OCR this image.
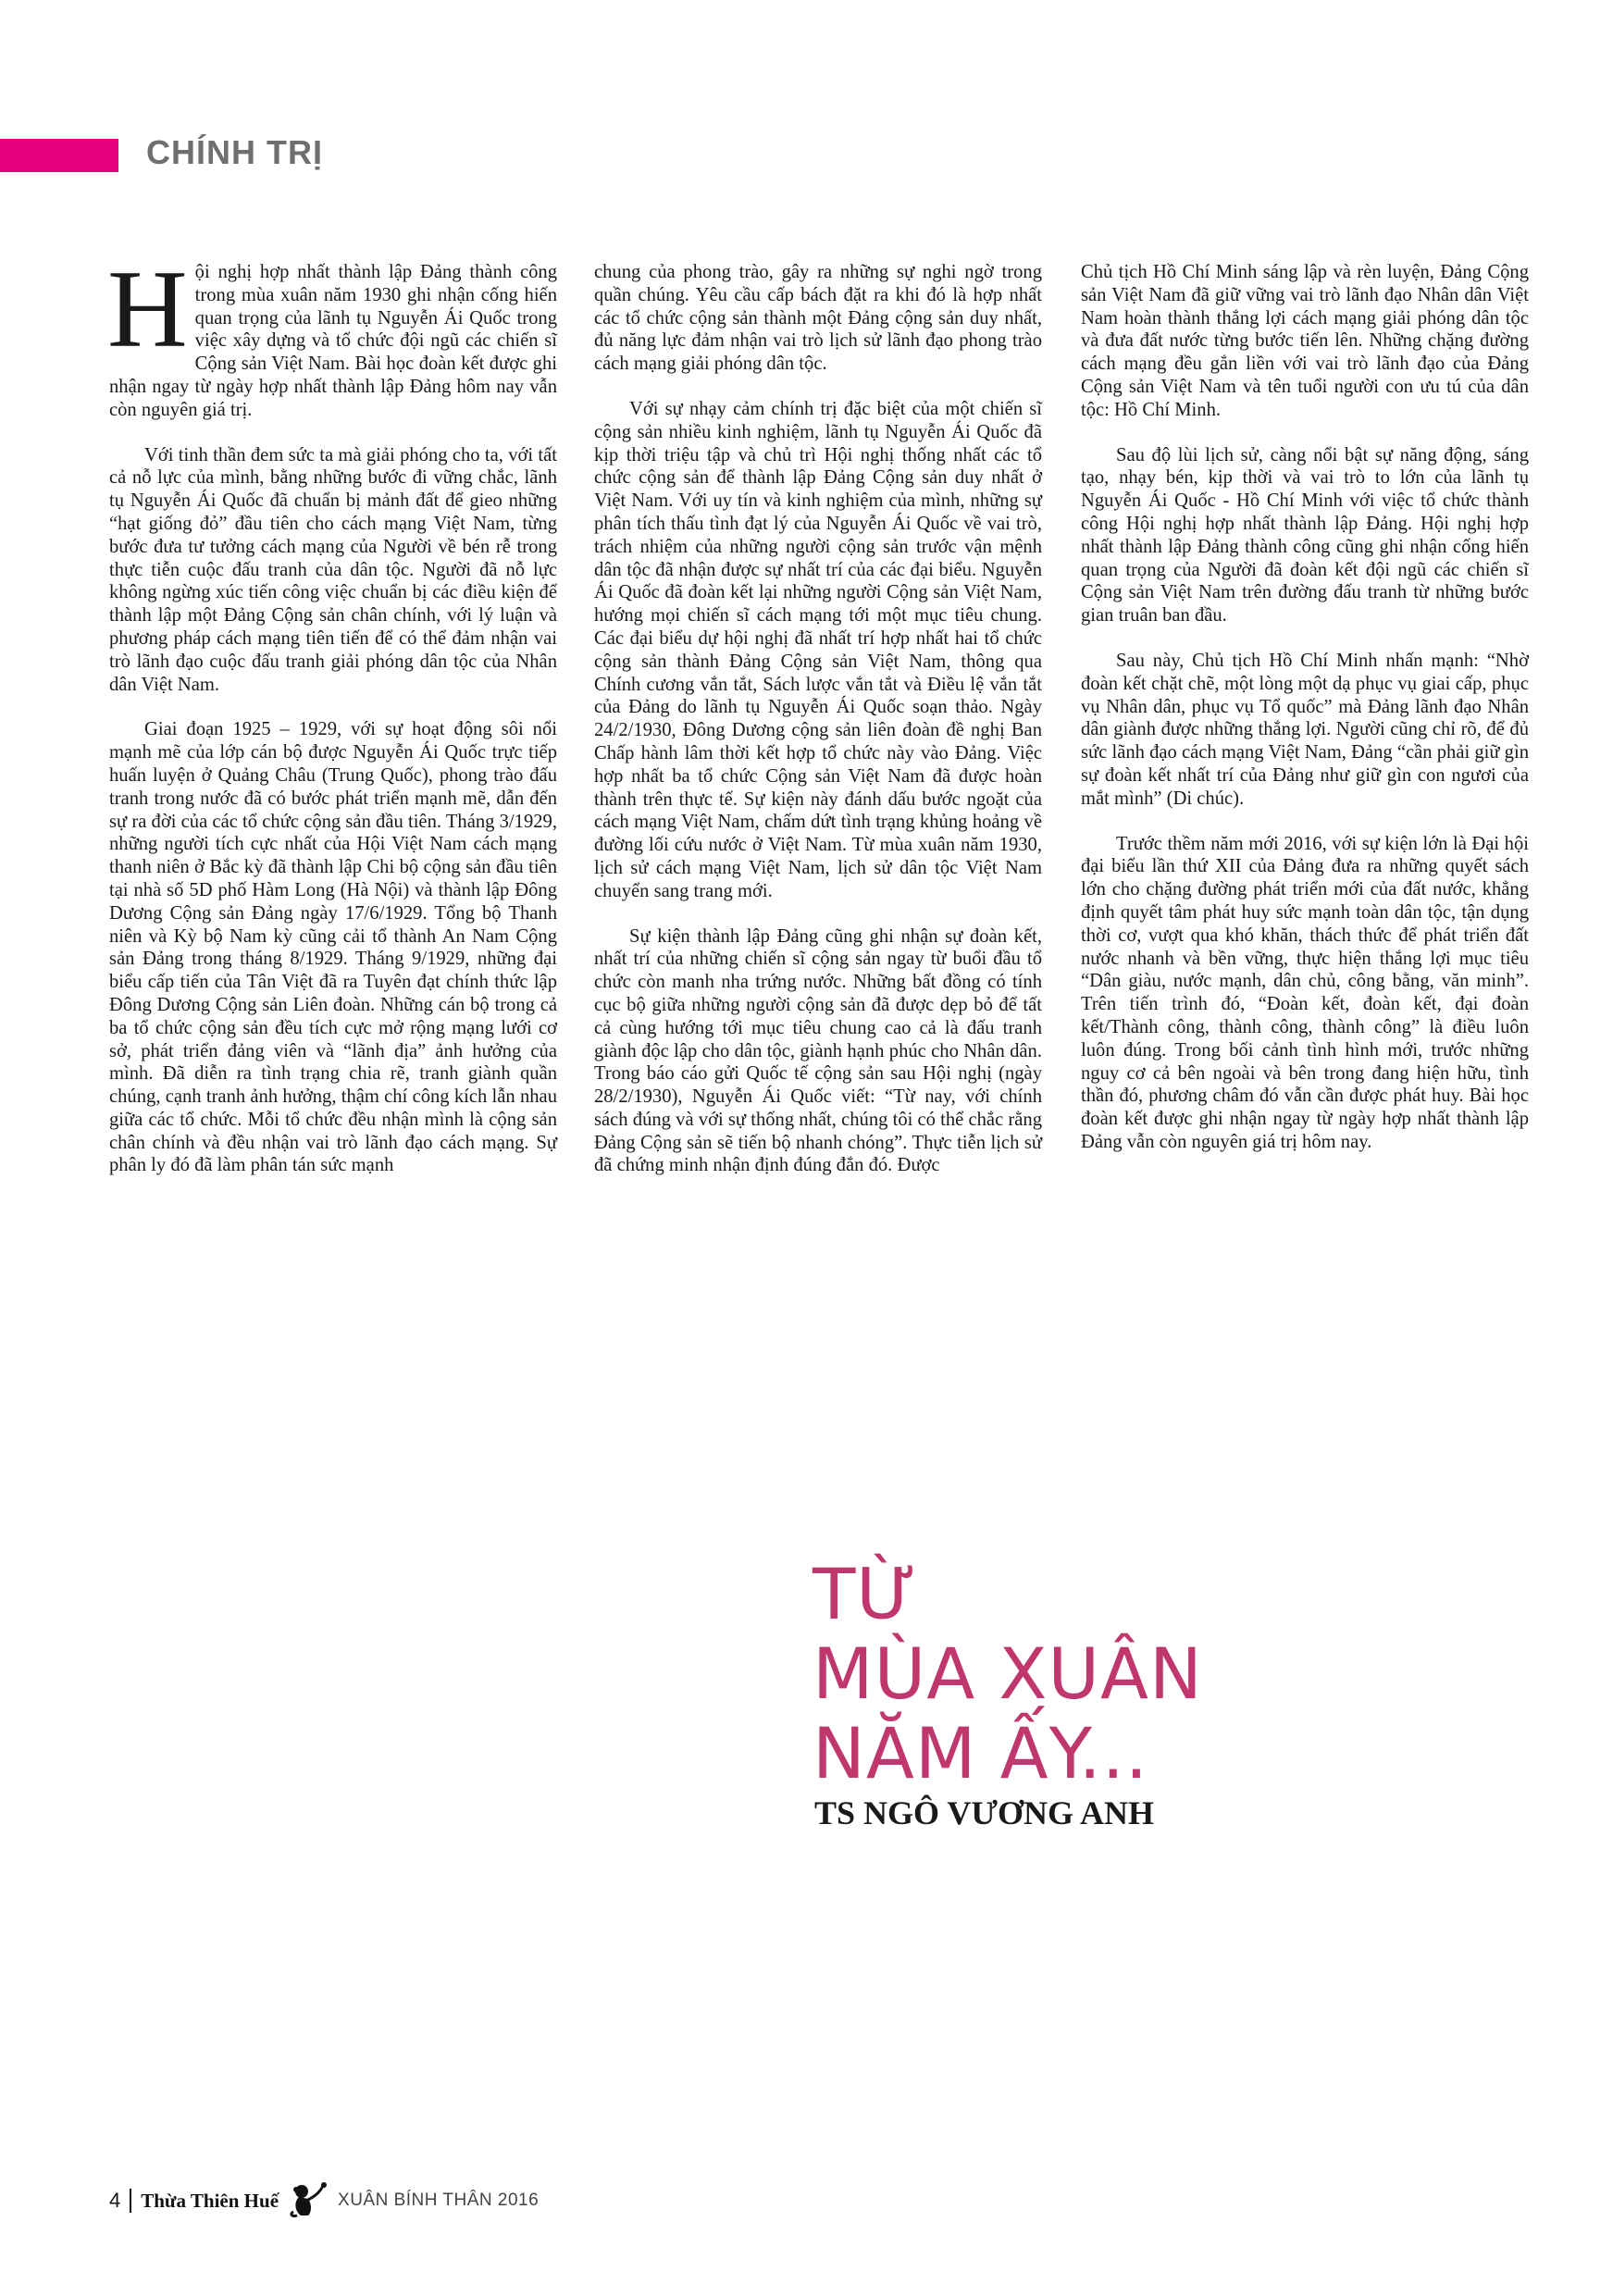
CHÍNH TRỊ

Hội nghị hợp nhất thành lập Đảng thành công trong mùa xuân năm 1930 ghi nhận cống hiến quan trọng của lãnh tụ Nguyễn Ái Quốc trong việc xây dựng và tổ chức đội ngũ các chiến sĩ Cộng sản Việt Nam. Bài học đoàn kết được ghi nhận ngay từ ngày hợp nhất thành lập Đảng hôm nay vẫn còn nguyên giá trị.

Với tinh thần đem sức ta mà giải phóng cho ta, với tất cả nỗ lực của mình, bằng những bước đi vững chắc, lãnh tụ Nguyễn Ái Quốc đã chuẩn bị mảnh đất để gieo những “hạt giống đỏ” đầu tiên cho cách mạng Việt Nam, từng bước đưa tư tưởng cách mạng của Người về bén rễ trong thực tiễn cuộc đấu tranh của dân tộc. Người đã nỗ lực không ngừng xúc tiến công việc chuẩn bị các điều kiện để thành lập một Đảng Cộng sản chân chính, với lý luận và phương pháp cách mạng tiên tiến để có thể đảm nhận vai trò lãnh đạo cuộc đấu tranh giải phóng dân tộc của Nhân dân Việt Nam.

Giai đoạn 1925 – 1929, với sự hoạt động sôi nổi mạnh mẽ của lớp cán bộ được Nguyễn Ái Quốc trực tiếp huấn luyện ở Quảng Châu (Trung Quốc), phong trào đấu tranh trong nước đã có bước phát triển mạnh mẽ, dẫn đến sự ra đời của các tổ chức cộng sản đầu tiên. Tháng 3/1929, những người tích cực nhất của Hội Việt Nam cách mạng thanh niên ở Bắc kỳ đã thành lập Chi bộ cộng sản đầu tiên tại nhà số 5D phố Hàm Long (Hà Nội) và thành lập Đông Dương Cộng sản Đảng ngày 17/6/1929. Tổng bộ Thanh niên và Kỳ bộ Nam kỳ cũng cải tổ thành An Nam Cộng sản Đảng trong tháng 8/1929. Tháng 9/1929, những đại biểu cấp tiến của Tân Việt đã ra Tuyên đạt chính thức lập Đông Dương Cộng sản Liên đoàn. Những cán bộ trong cả ba tổ chức cộng sản đều tích cực mở rộng mạng lưới cơ sở, phát triển đảng viên và “lãnh địa” ảnh hưởng của mình. Đã diễn ra tình trạng chia rẽ, tranh giành quần chúng, cạnh tranh ảnh hưởng, thậm chí công kích lẫn nhau giữa các tổ chức. Mỗi tổ chức đều nhận mình là cộng sản chân chính và đều nhận vai trò lãnh đạo cách mạng. Sự phân ly đó đã làm phân tán sức mạnh

chung của phong trào, gây ra những sự nghi ngờ trong quần chúng. Yêu cầu cấp bách đặt ra khi đó là hợp nhất các tổ chức cộng sản thành một Đảng cộng sản duy nhất, đủ năng lực đảm nhận vai trò lịch sử lãnh đạo phong trào cách mạng giải phóng dân tộc.

Với sự nhạy cảm chính trị đặc biệt của một chiến sĩ cộng sản nhiều kinh nghiệm, lãnh tụ Nguyễn Ái Quốc đã kịp thời triệu tập và chủ trì Hội nghị thống nhất các tổ chức cộng sản để thành lập Đảng Cộng sản duy nhất ở Việt Nam. Với uy tín và kinh nghiệm của mình, những sự phân tích thấu tình đạt lý của Nguyễn Ái Quốc về vai trò, trách nhiệm của những người cộng sản trước vận mệnh dân tộc đã nhận được sự nhất trí của các đại biểu. Nguyễn Ái Quốc đã đoàn kết lại những người Cộng sản Việt Nam, hướng mọi chiến sĩ cách mạng tới một mục tiêu chung. Các đại biểu dự hội nghị đã nhất trí hợp nhất hai tổ chức cộng sản thành Đảng Cộng sản Việt Nam, thông qua Chính cương vắn tắt, Sách lược vắn tắt và Điều lệ vắn tắt của Đảng do lãnh tụ Nguyễn Ái Quốc soạn thảo. Ngày 24/2/1930, Đông Dương cộng sản liên đoàn đề nghị Ban Chấp hành lâm thời kết hợp tổ chức này vào Đảng. Việc hợp nhất ba tổ chức Cộng sản Việt Nam đã được hoàn thành trên thực tế. Sự kiện này đánh dấu bước ngoặt của cách mạng Việt Nam, chấm dứt tình trạng khủng hoảng về đường lối cứu nước ở Việt Nam. Từ mùa xuân năm 1930, lịch sử cách mạng Việt Nam, lịch sử dân tộc Việt Nam chuyển sang trang mới.

Sự kiện thành lập Đảng cũng ghi nhận sự đoàn kết, nhất trí của những chiến sĩ cộng sản ngay từ buổi đầu tổ chức còn manh nha trứng nước. Những bất đồng có tính cục bộ giữa những người cộng sản đã được dẹp bỏ để tất cả cùng hướng tới mục tiêu chung cao cả là đấu tranh giành độc lập cho dân tộc, giành hạnh phúc cho Nhân dân. Trong báo cáo gửi Quốc tế cộng sản sau Hội nghị (ngày 28/2/1930), Nguyễn Ái Quốc viết: “Từ nay, với chính sách đúng và với sự thống nhất, chúng tôi có thể chắc rằng Đảng Cộng sản sẽ tiến bộ nhanh chóng”. Thực tiễn lịch sử đã chứng minh nhận định đúng đắn đó. Được

Chủ tịch Hồ Chí Minh sáng lập và rèn luyện, Đảng Cộng sản Việt Nam đã giữ vững vai trò lãnh đạo Nhân dân Việt Nam hoàn thành thắng lợi cách mạng giải phóng dân tộc và đưa đất nước từng bước tiến lên. Những chặng đường cách mạng đều gắn liền với vai trò lãnh đạo của Đảng Cộng sản Việt Nam và tên tuổi người con ưu tú của dân tộc: Hồ Chí Minh.

Sau độ lùi lịch sử, càng nổi bật sự năng động, sáng tạo, nhạy bén, kịp thời và vai trò to lớn của lãnh tụ Nguyễn Ái Quốc - Hồ Chí Minh với việc tổ chức thành công Hội nghị hợp nhất thành lập Đảng. Hội nghị hợp nhất thành lập Đảng thành công cũng ghi nhận cống hiến quan trọng của Người đã đoàn kết đội ngũ các chiến sĩ Cộng sản Việt Nam trên đường đấu tranh từ những bước gian truân ban đầu.

Sau này, Chủ tịch Hồ Chí Minh nhấn mạnh: “Nhờ đoàn kết chặt chẽ, một lòng một dạ phục vụ giai cấp, phục vụ Nhân dân, phục vụ Tổ quốc” mà Đảng lãnh đạo Nhân dân giành được những thắng lợi. Người cũng chỉ rõ, để đủ sức lãnh đạo cách mạng Việt Nam, Đảng “cần phải giữ gìn sự đoàn kết nhất trí của Đảng như giữ gìn con ngươi của mắt mình” (Di chúc).

Trước thềm năm mới 2016, với sự kiện lớn là Đại hội đại biểu lần thứ XII của Đảng đưa ra những quyết sách lớn cho chặng đường phát triển mới của đất nước, khẳng định quyết tâm phát huy sức mạnh toàn dân tộc, tận dụng thời cơ, vượt qua khó khăn, thách thức để phát triển đất nước nhanh và bền vững, thực hiện thắng lợi mục tiêu “Dân giàu, nước mạnh, dân chủ, công bằng, văn minh”. Trên tiến trình đó, “Đoàn kết, đoàn kết, đại đoàn kết/Thành công, thành công, thành công” là điều luôn luôn đúng. Trong bối cảnh tình hình mới, trước những nguy cơ cả bên ngoài và bên trong đang hiện hữu, tình thần đó, phương châm đó vẫn cần được phát huy. Bài học đoàn kết được ghi nhận ngay từ ngày hợp nhất thành lập Đảng vẫn còn nguyên giá trị hôm nay.

TỪ
MÙA XUÂN
NĂM ẤY...

TS NGÔ VƯƠNG ANH

4 Thừa Thiên Huế	XUÂN BÍNH THÂN 2016
